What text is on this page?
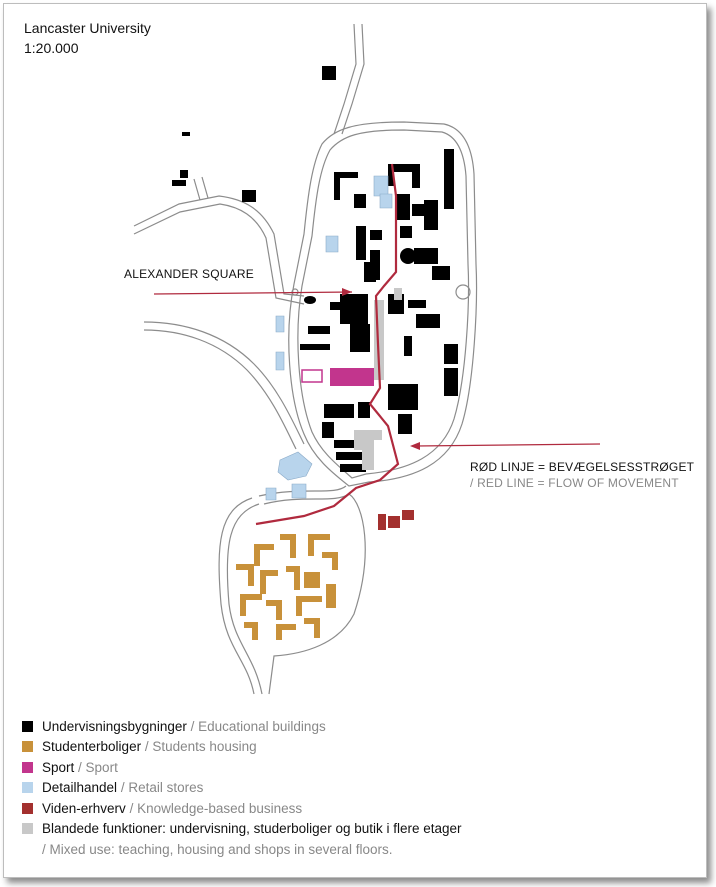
Lancaster University
1:20.000
ALEXANDER SQUARE
RØD LINJE = BEVÆGELSESSTRØGET
/ RED LINE = FLOW OF MOVEMENT
Undervisningsbygninger
/ Educational buildings
Studenterboliger
/ Students housing
Sport
/ Sport
Detailhandel
/ Retail stores
Viden-erhverv
/ Knowledge-based business
Blandede funktioner: undervisning, studerboliger og butik i flere etager
/ Mixed use: teaching, housing and shops in several floors.
